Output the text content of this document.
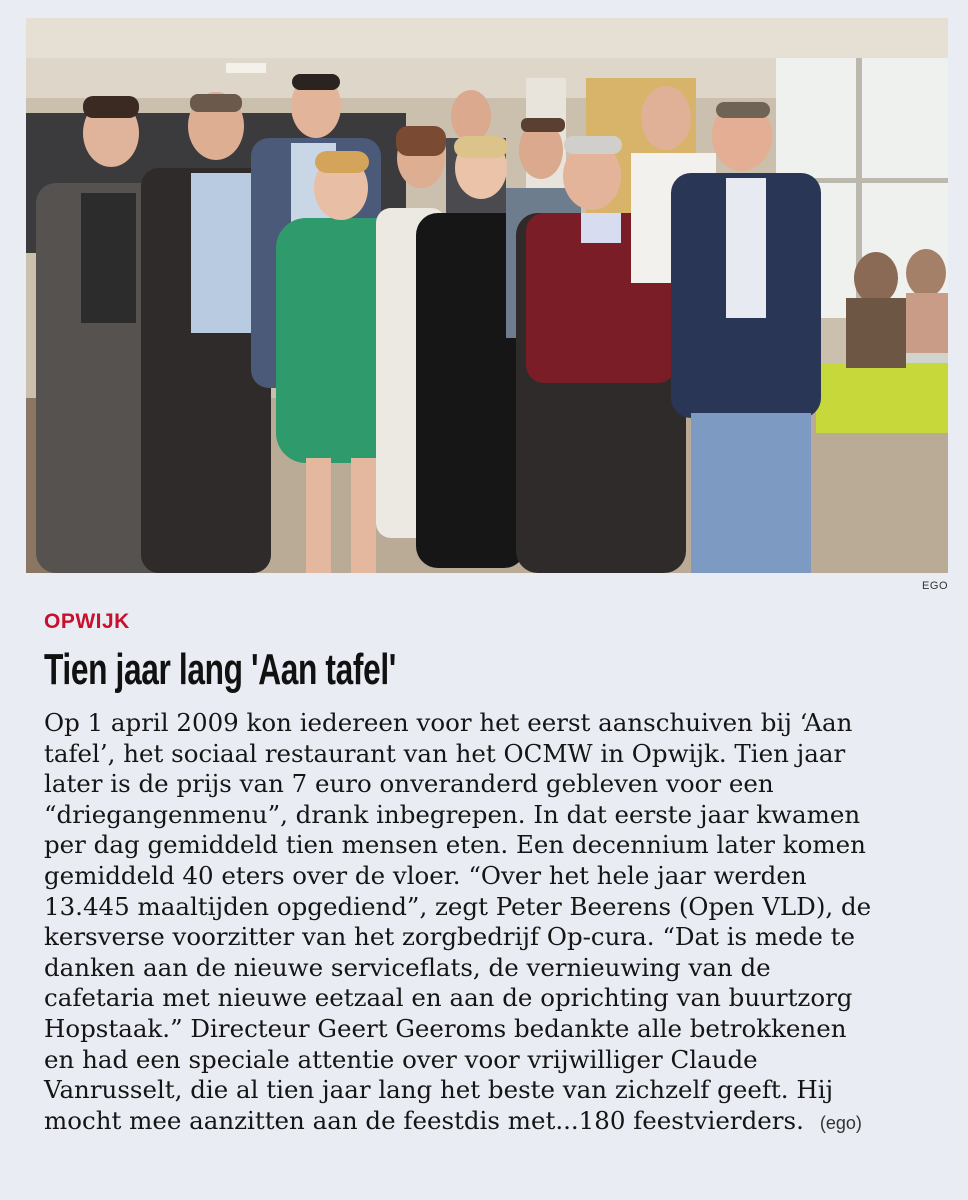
EGO
OPWIJK
Tien jaar lang 'Aan tafel'
Op 1 april 2009 kon iedereen voor het eerst aanschuiven bij ‘Aan
tafel’, het sociaal restaurant van het OCMW in Opwijk. Tien jaar
later is de prijs van 7 euro onveranderd gebleven voor een
“driegangenmenu”, drank inbegrepen. In dat eerste jaar kwamen
per dag gemiddeld tien mensen eten. Een decennium later komen
gemiddeld 40 eters over de vloer. “Over het hele jaar werden
13.445 maaltijden opgediend”, zegt Peter Beerens (Open VLD), de
kersverse voorzitter van het zorgbedrijf Op-cura. “Dat is mede te
danken aan de nieuwe serviceflats, de vernieuwing van de
cafetaria met nieuwe eetzaal en aan de oprichting van buurtzorg
Hopstaak.” Directeur Geert Geeroms bedankte alle betrokkenen
en had een speciale attentie over voor vrijwilliger Claude
Vanrusselt, die al tien jaar lang het beste van zichzelf geeft. Hij
mocht mee aanzitten aan de feestdis met...180 feestvierders. (ego)
